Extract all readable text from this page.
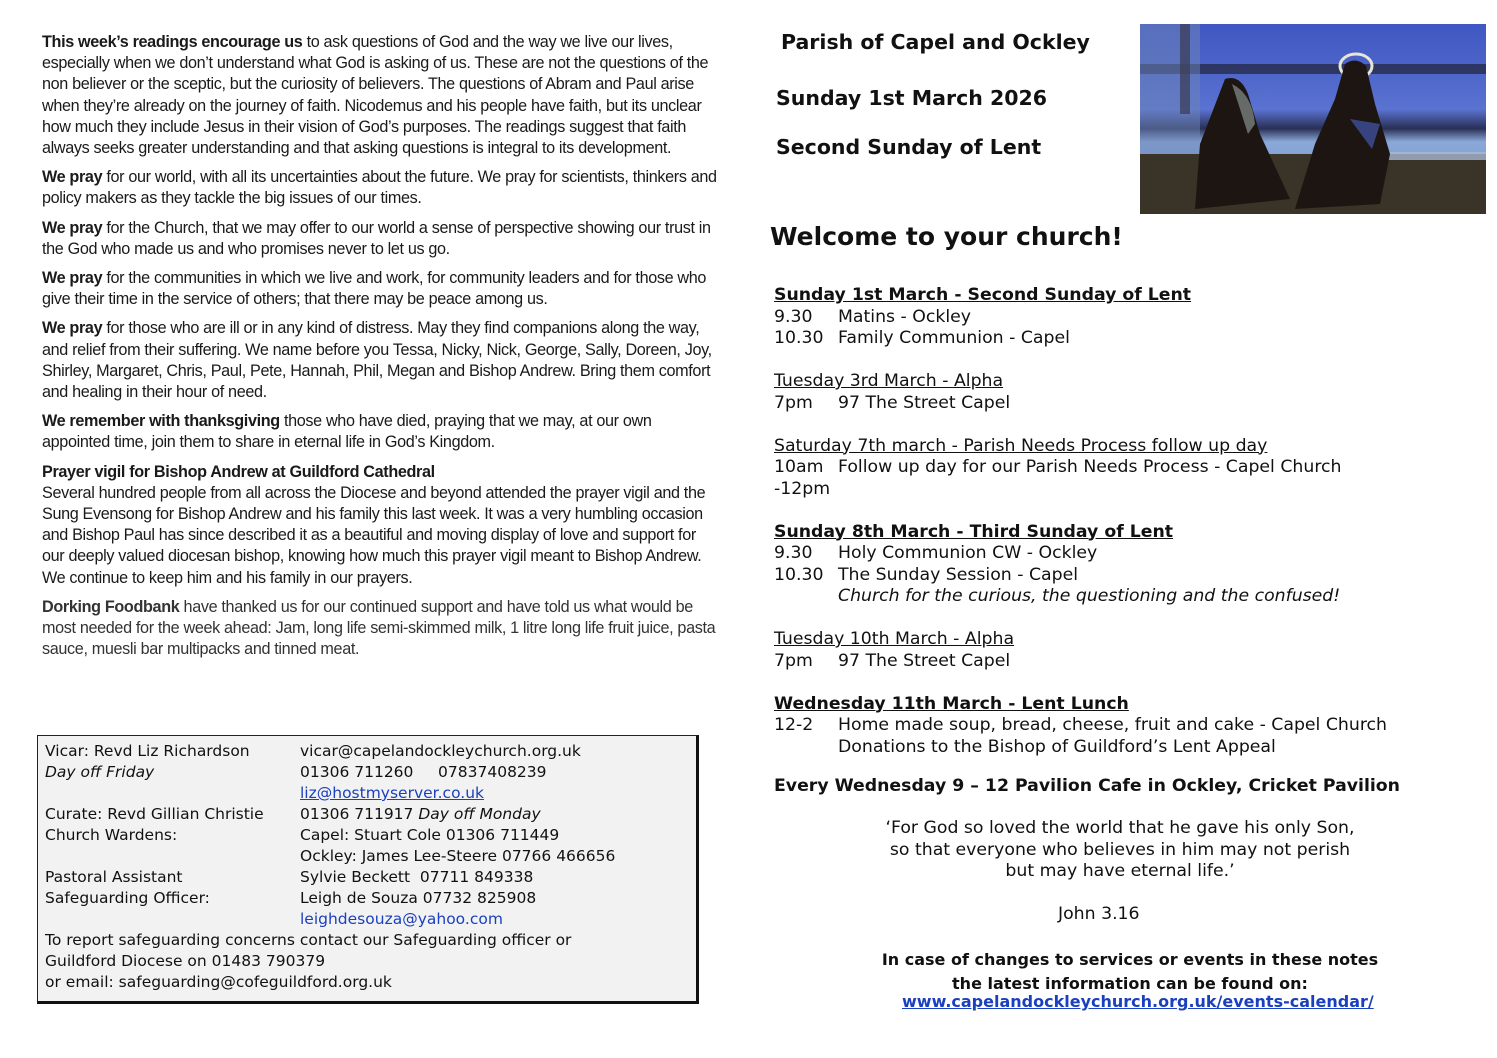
This week’s readings encourage us to ask questions of God and the way we live our lives, especially when we don’t understand what God is asking of us. These are not the questions of the non believer or the sceptic, but the curiosity of believers. The questions of Abram and Paul arise when they’re already on the journey of faith. Nicodemus and his people have faith, but its unclear how much they include Jesus in their vision of God’s purposes. The readings suggest that faith always seeks greater understanding and that asking questions is integral to its development.

We pray for our world, with all its uncertainties about the future. We pray for scientists, thinkers and policy makers as they tackle the big issues of our times.

We pray for the Church, that we may offer to our world a sense of perspective showing our trust in the God who made us and who promises never to let us go.

We pray for the communities in which we live and work, for community leaders and for those who give their time in the service of others; that there may be peace among us.

We pray for those who are ill or in any kind of distress. May they find companions along the way, and relief from their suffering. We name before you Tessa, Nicky, Nick, George, Sally, Doreen, Joy, Shirley, Margaret, Chris, Paul, Pete, Hannah, Phil, Megan and Bishop Andrew. Bring them comfort and healing in their hour of need.

We remember with thanksgiving those who have died, praying that we may, at our own appointed time, join them to share in eternal life in God’s Kingdom.

Prayer vigil for Bishop Andrew at Guildford Cathedral
Several hundred people from all across the Diocese and beyond attended the prayer vigil and the Sung Evensong for Bishop Andrew and his family this last week. It was a very humbling occasion and Bishop Paul has since described it as a beautiful and moving display of love and support for our deeply valued diocesan bishop, knowing how much this prayer vigil meant to Bishop Andrew. We continue to keep him and his family in our prayers.

Dorking Foodbank have thanked us for our continued support and have told us what would be most needed for the week ahead: Jam, long life semi-skimmed milk, 1 litre long life fruit juice, pasta sauce, muesli bar multipacks and tinned meat.

Vicar: Revd Liz Richardson	vicar@capelandockleychurch.org.uk
Day off Friday	01306 711260     07837408239
liz@hostmyserver.co.uk
Curate: Revd Gillian Christie	01306 711917 Day off Monday
Church Wardens:	Capel: Stuart Cole 01306 711449
Ockley: James Lee-Steere 07766 466656
Pastoral Assistant	Sylvie Beckett  07711 849338
Safeguarding Officer:	Leigh de Souza 07732 825908
leighdesouza@yahoo.com
To report safeguarding concerns contact our Safeguarding officer or
Guildford Diocese on 01483 790379
or email: safeguarding@cofeguildford.org.uk
Parish of Capel and Ockley
Sunday 1st March 2026
Second Sunday of Lent
Welcome to your church!
Sunday 1st March - Second Sunday of Lent
9.30	Matins - Ockley
10.30 Family Communion - Capel
Tuesday 3rd March - Alpha
7pm	97 The Street Capel
Saturday 7th march - Parish Needs Process follow up day
10am Follow up day for our Parish Needs Process - Capel Church
-12pm
Sunday 8th March - Third Sunday of Lent
9.30	Holy Communion CW - Ockley
10.30 The Sunday Session - Capel
Church for the curious, the questioning and the confused!
Tuesday 10th March - Alpha
7pm	97 The Street Capel
Wednesday 11th March - Lent Lunch
12-2	Home made soup, bread, cheese, fruit and cake - Capel Church
Donations to the Bishop of Guildford’s Lent Appeal
Every Wednesday 9 – 12 Pavilion Cafe in Ockley, Cricket Pavilion
‘For God so loved the world that he gave his only Son,
so that everyone who believes in him may not perish
but may have eternal life.’
John 3.16
In case of changes to services or events in these notes
the latest information can be found on:
www.capelandockleychurch.org.uk/events-calendar/
